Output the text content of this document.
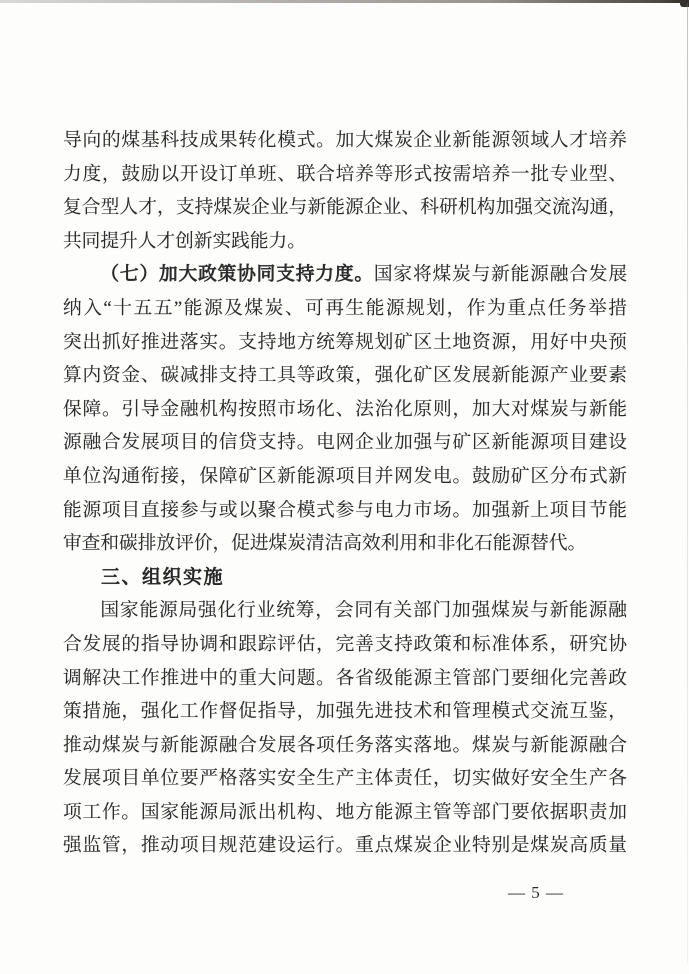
导向的煤基科技成果转化模式。加大煤炭企业新能源领域人才培养

力度，鼓励以开设订单班、联合培养等形式按需培养一批专业型、

复合型人才，支持煤炭企业与新能源企业、科研机构加强交流沟通，

共同提升人才创新实践能力。

（七）加大政策协同支持力度。国家将煤炭与新能源融合发展

纳入“十五五”能源及煤炭、可再生能源规划，作为重点任务举措

突出抓好推进落实。支持地方统筹规划矿区土地资源，用好中央预

算内资金、碳减排支持工具等政策，强化矿区发展新能源产业要素

保障。引导金融机构按照市场化、法治化原则，加大对煤炭与新能

源融合发展项目的信贷支持。电网企业加强与矿区新能源项目建设

单位沟通衔接，保障矿区新能源项目并网发电。鼓励矿区分布式新

能源项目直接参与或以聚合模式参与电力市场。加强新上项目节能

审查和碳排放评价，促进煤炭清洁高效利用和非化石能源替代。

三、组织实施

国家能源局强化行业统筹，会同有关部门加强煤炭与新能源融

合发展的指导协调和跟踪评估，完善支持政策和标准体系，研究协

调解决工作推进中的重大问题。各省级能源主管部门要细化完善政

策措施，强化工作督促指导，加强先进技术和管理模式交流互鉴，

推动煤炭与新能源融合发展各项任务落实落地。煤炭与新能源融合

发展项目单位要严格落实安全生产主体责任，切实做好安全生产各

项工作。国家能源局派出机构、地方能源主管等部门要依据职责加

强监管，推动项目规范建设运行。重点煤炭企业特别是煤炭高质量

— 5 —
